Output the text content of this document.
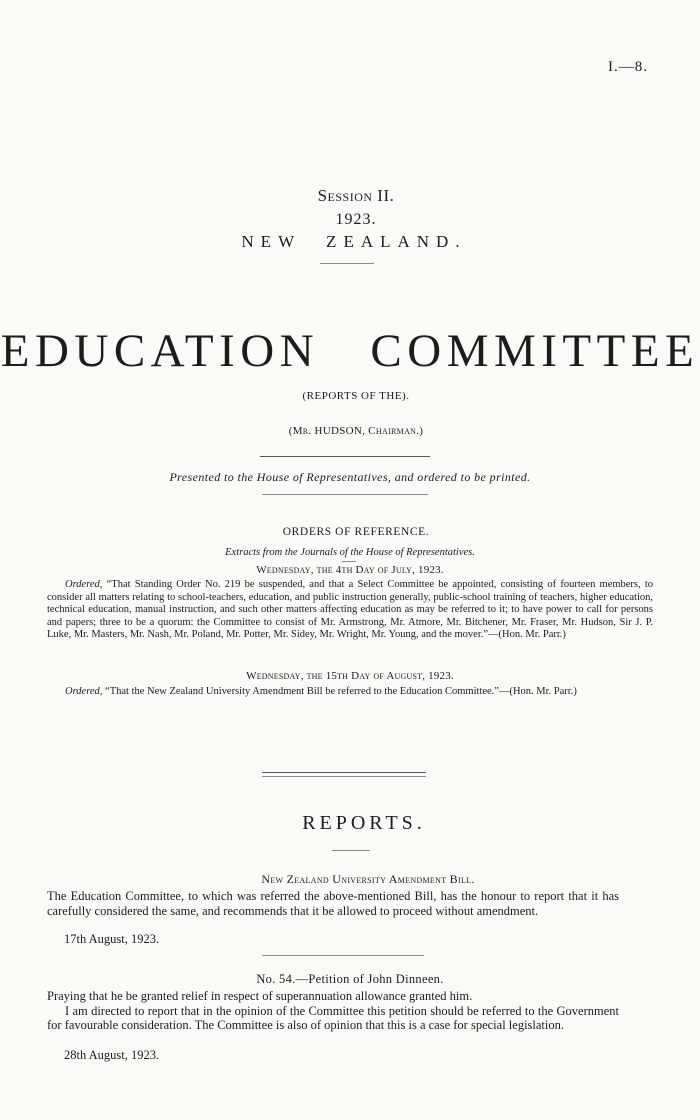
I.—8.
Session II.
1923.
NEW ZEALAND.
EDUCATION COMMITTEE
(REPORTS OF THE).
(Mr. HUDSON, Chairman.)
Presented to the House of Representatives, and ordered to be printed.
ORDERS OF REFERENCE.
Extracts from the Journals of the House of Representatives.
Wednesday, the 4th Day of July, 1923.

Ordered, “That Standing Order No. 219 be suspended, and that a Select Committee be appointed, consisting of fourteen members, to consider all matters relating to school-teachers, education, and public instruction generally, public-school training of teachers, higher education, technical education, manual instruction, and such other matters affecting education as may be referred to it; to have power to call for persons and papers; three to be a quorum: the Committee to consist of Mr. Armstrong, Mr. Atmore, Mr. Bitchener, Mr. Fraser, Mr. Hudson, Sir J. P. Luke, Mr. Masters, Mr. Nash, Mr. Poland, Mr. Potter, Mr. Sidey, Mr. Wright, Mr. Young, and the mover.”—(Hon. Mr. Parr.)

Wednesday, the 15th Day of August, 1923.

Ordered, “That the New Zealand University Amendment Bill be referred to the Education Committee.”—(Hon. Mr. Parr.)

REPORTS.
New Zealand University Amendment Bill.

The Education Committee, to which was referred the above-mentioned Bill, has the honour to report that it has carefully considered the same, and recommends that it be allowed to proceed without amendment.

17th August, 1923.
No. 54.—Petition of John Dinneen.

Praying that he be granted relief in respect of superannuation allowance granted him.

I am directed to report that in the opinion of the Committee this petition should be referred to the Government for favourable consideration. The Committee is also of opinion that this is a case for special legislation.

28th August, 1923.
